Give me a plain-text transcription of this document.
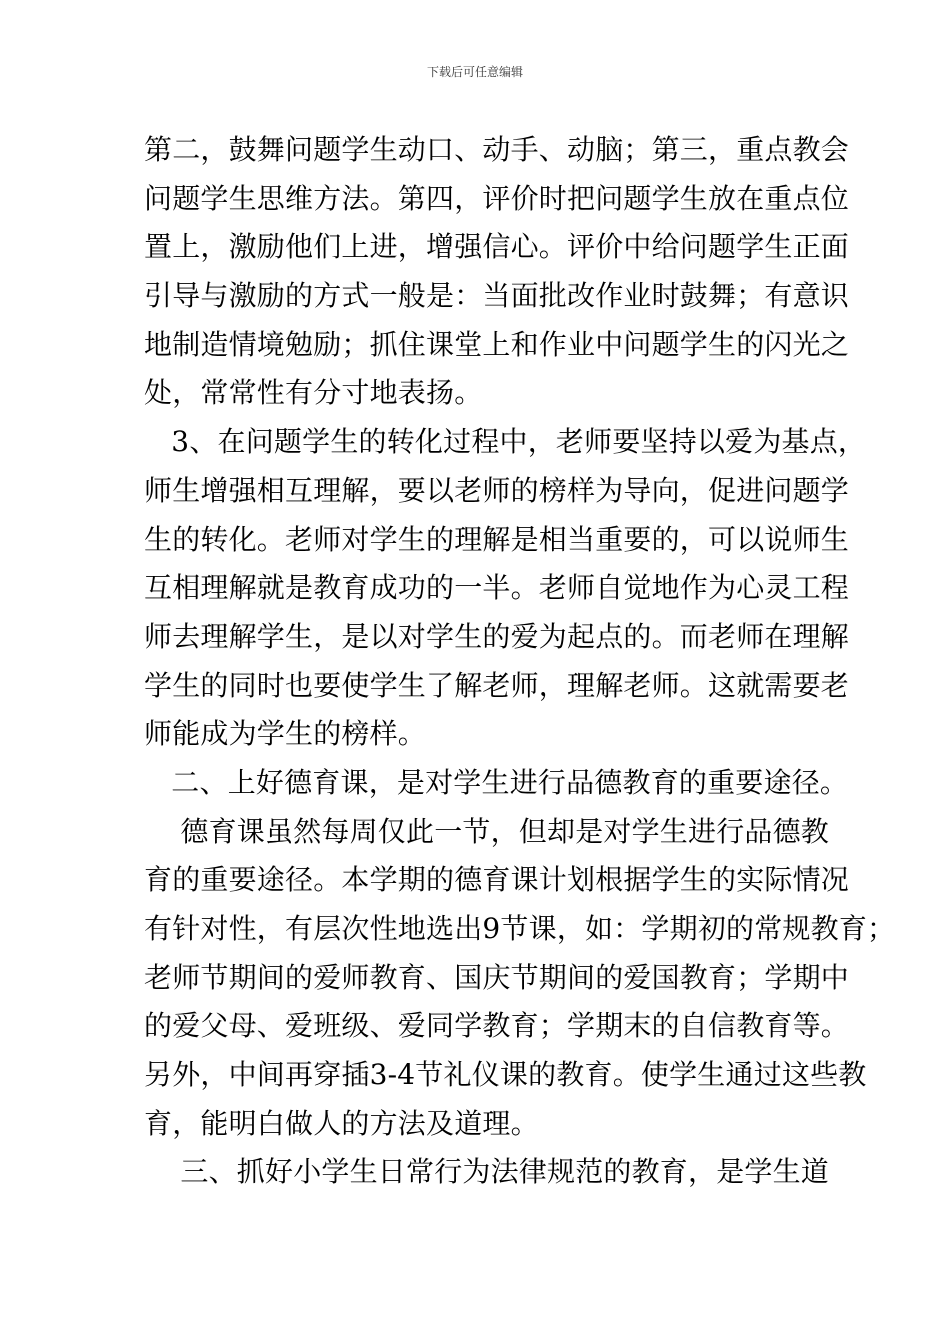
下载后可任意编辑
第二，鼓舞问题学生动口、动手、动脑；第三，重点教会
问题学生思维方法。第四，评价时把问题学生放在重点位
置上，激励他们上进，增强信心。评价中给问题学生正面
引导与激励的方式一般是：当面批改作业时鼓舞；有意识
地制造情境勉励；抓住课堂上和作业中问题学生的闪光之
处，常常性有分寸地表扬。
3、在问题学生的转化过程中，老师要坚持以爱为基点，
师生增强相互理解，要以老师的榜样为导向，促进问题学
生的转化。老师对学生的理解是相当重要的，可以说师生
互相理解就是教育成功的一半。老师自觉地作为心灵工程
师去理解学生，是以对学生的爱为起点的。而老师在理解
学生的同时也要使学生了解老师，理解老师。这就需要老
师能成为学生的榜样。
二、上好德育课，是对学生进行品德教育的重要途径。
德育课虽然每周仅此一节，但却是对学生进行品德教
育的重要途径。本学期的德育课计划根据学生的实际情况
有针对性，有层次性地选出9节课，如：学期初的常规教育；
老师节期间的爱师教育、国庆节期间的爱国教育；学期中
的爱父母、爱班级、爱同学教育；学期末的自信教育等。
另外，中间再穿插3-4节礼仪课的教育。使学生通过这些教
育，能明白做人的方法及道理。
三、抓好小学生日常行为法律规范的教育，是学生道
